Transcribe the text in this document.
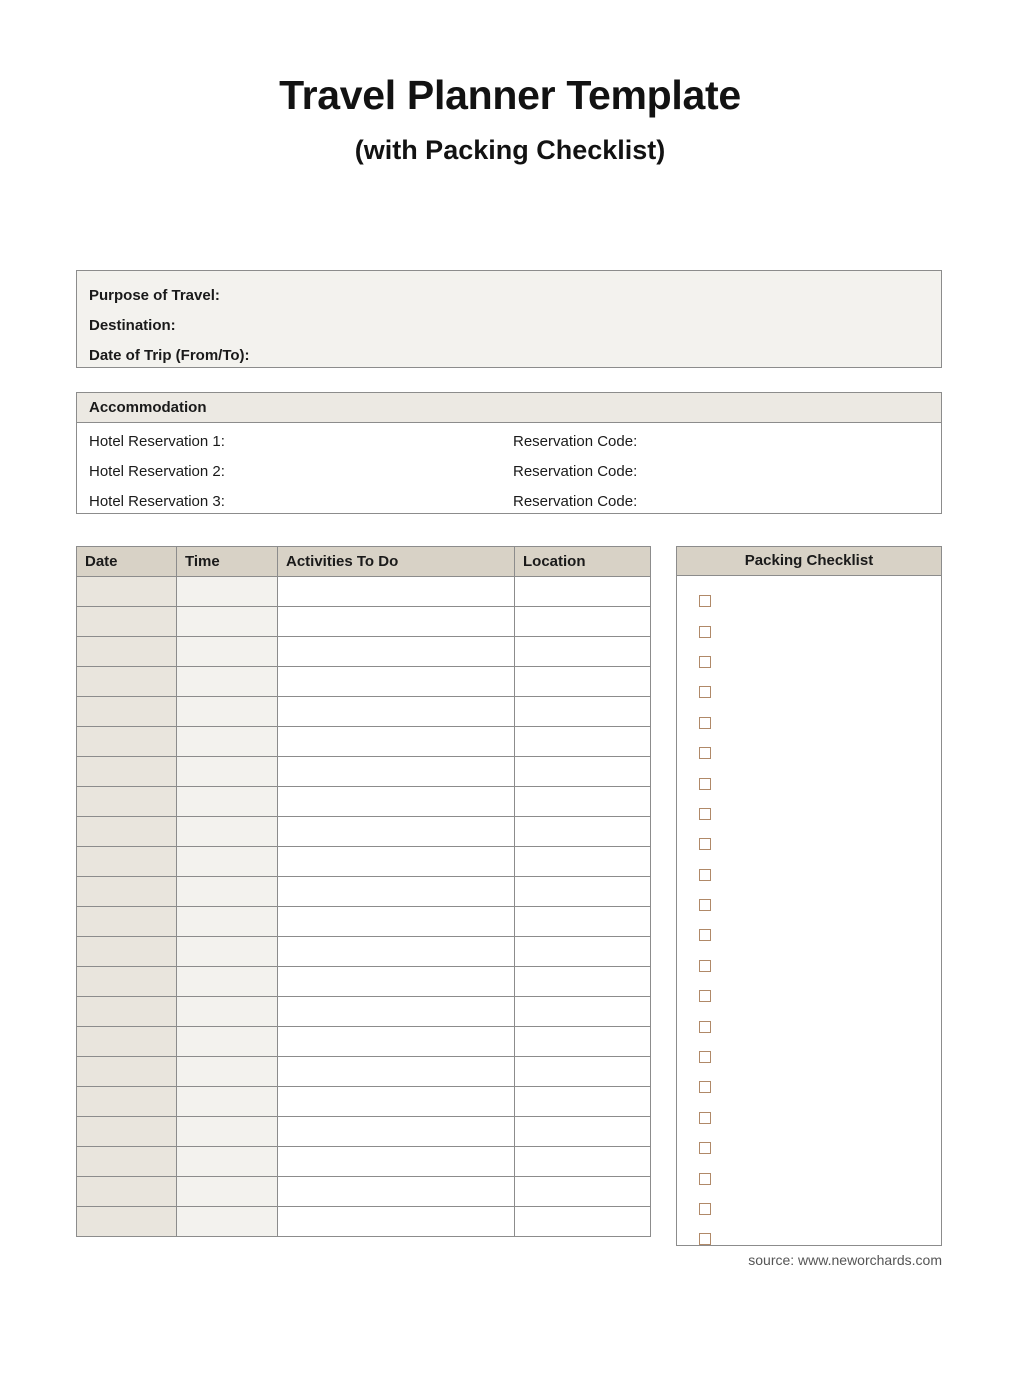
Travel Planner Template
(with Packing Checklist)
Purpose of Travel:
Destination:
Date of Trip (From/To):
Accommodation
Hotel Reservation 1:	Reservation Code:
Hotel Reservation 2:	Reservation Code:
Hotel Reservation 3:	Reservation Code:
Date	Time	Activities To Do	Location

				Packing Checklist
source: www.neworchards.com
